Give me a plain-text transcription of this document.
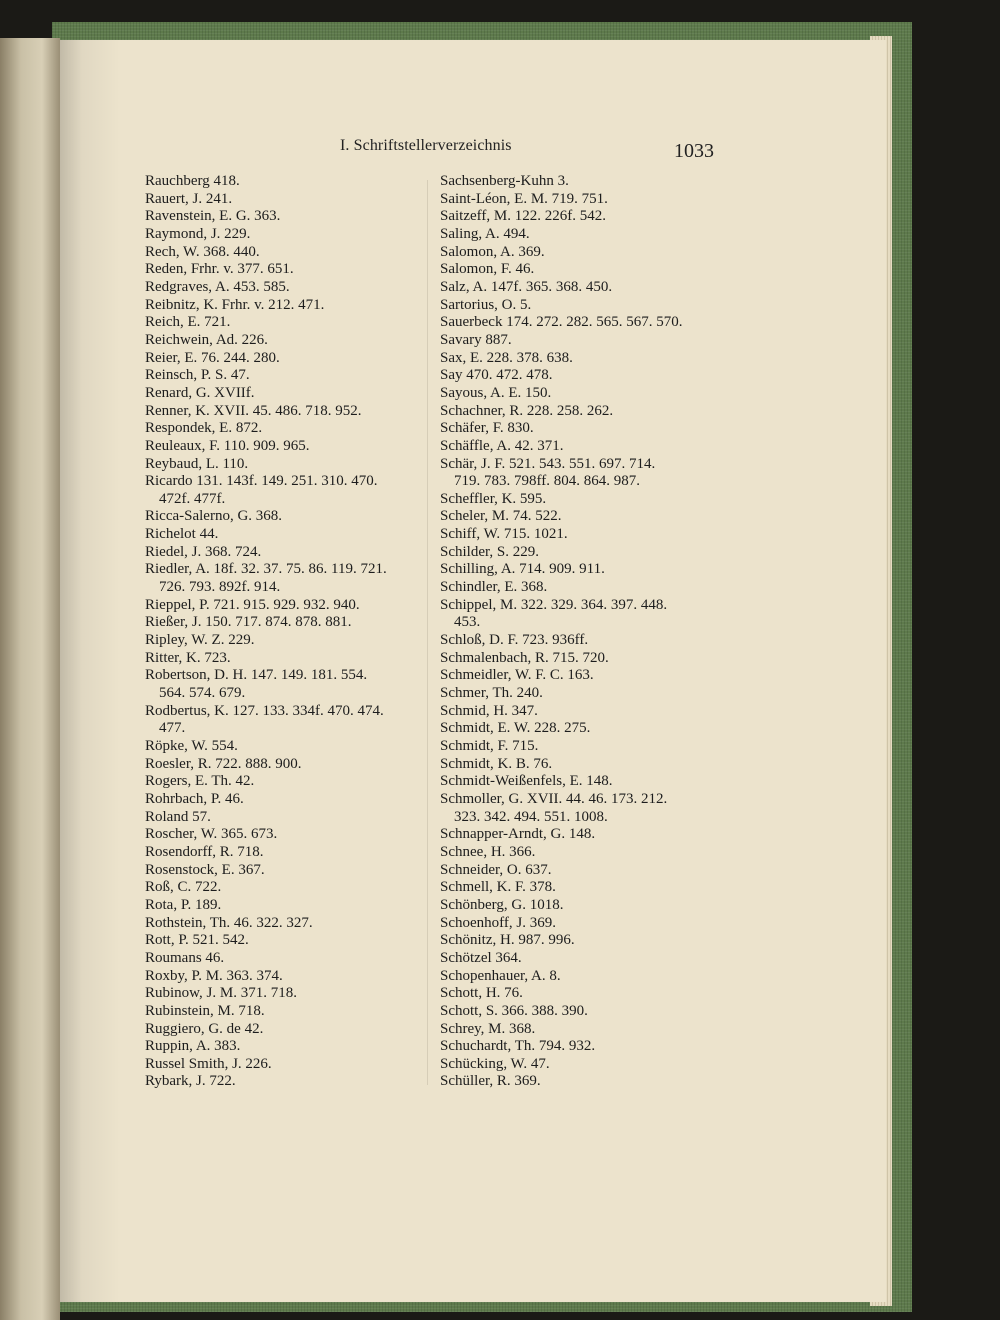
I. Schriftstellerverzeichnis	1033
Rauchberg 418.
Rauert, J. 241.
Ravenstein, E. G. 363.
Raymond, J. 229.
Rech, W. 368. 440.
Reden, Frhr. v. 377. 651.
Redgraves, A. 453. 585.
Reibnitz, K. Frhr. v. 212. 471.
Reich, E. 721.
Reichwein, Ad. 226.
Reier, E. 76. 244. 280.
Reinsch, P. S. 47.
Renard, G. XVIIf.
Renner, K. XVII. 45. 486. 718. 952.
Respondek, E. 872.
Reuleaux, F. 110. 909. 965.
Reybaud, L. 110.
Ricardo 131. 143f. 149. 251. 310. 470.
472f. 477f.
Ricca-Salerno, G. 368.
Richelot 44.
Riedel, J. 368. 724.
Riedler, A. 18f. 32. 37. 75. 86. 119. 721.
726. 793. 892f. 914.
Rieppel, P. 721. 915. 929. 932. 940.
Rießer, J. 150. 717. 874. 878. 881.
Ripley, W. Z. 229.
Ritter, K. 723.
Robertson, D. H. 147. 149. 181. 554.
564. 574. 679.
Rodbertus, K. 127. 133. 334f. 470. 474.
477.
Röpke, W. 554.
Roesler, R. 722. 888. 900.
Rogers, E. Th. 42.
Rohrbach, P. 46.
Roland 57.
Roscher, W. 365. 673.
Rosendorff, R. 718.
Rosenstock, E. 367.
Roß, C. 722.
Rota, P. 189.
Rothstein, Th. 46. 322. 327.
Rott, P. 521. 542.
Roumans 46.
Roxby, P. M. 363. 374.
Rubinow, J. M. 371. 718.
Rubinstein, M. 718.
Ruggiero, G. de 42.
Ruppin, A. 383.
Russel Smith, J. 226.
Rybark, J. 722.
Sachsenberg-Kuhn 3.
Saint-Léon, E. M. 719. 751.
Saitzeff, M. 122. 226f. 542.
Saling, A. 494.
Salomon, A. 369.
Salomon, F. 46.
Salz, A. 147f. 365. 368. 450.
Sartorius, O. 5.
Sauerbeck 174. 272. 282. 565. 567. 570.
Savary 887.
Sax, E. 228. 378. 638.
Say 470. 472. 478.
Sayous, A. E. 150.
Schachner, R. 228. 258. 262.
Schäfer, F. 830.
Schäffle, A. 42. 371.
Schär, J. F. 521. 543. 551. 697. 714.
719. 783. 798ff. 804. 864. 987.
Scheffler, K. 595.
Scheler, M. 74. 522.
Schiff, W. 715. 1021.
Schilder, S. 229.
Schilling, A. 714. 909. 911.
Schindler, E. 368.
Schippel, M. 322. 329. 364. 397. 448.
453.
Schloß, D. F. 723. 936ff.
Schmalenbach, R. 715. 720.
Schmeidler, W. F. C. 163.
Schmer, Th. 240.
Schmid, H. 347.
Schmidt, E. W. 228. 275.
Schmidt, F. 715.
Schmidt, K. B. 76.
Schmidt-Weißenfels, E. 148.
Schmoller, G. XVII. 44. 46. 173. 212.
323. 342. 494. 551. 1008.
Schnapper-Arndt, G. 148.
Schnee, H. 366.
Schneider, O. 637.
Schmell, K. F. 378.
Schönberg, G. 1018.
Schoenhoff, J. 369.
Schönitz, H. 987. 996.
Schötzel 364.
Schopenhauer, A. 8.
Schott, H. 76.
Schott, S. 366. 388. 390.
Schrey, M. 368.
Schuchardt, Th. 794. 932.
Schücking, W. 47.
Schüller, R. 369.
